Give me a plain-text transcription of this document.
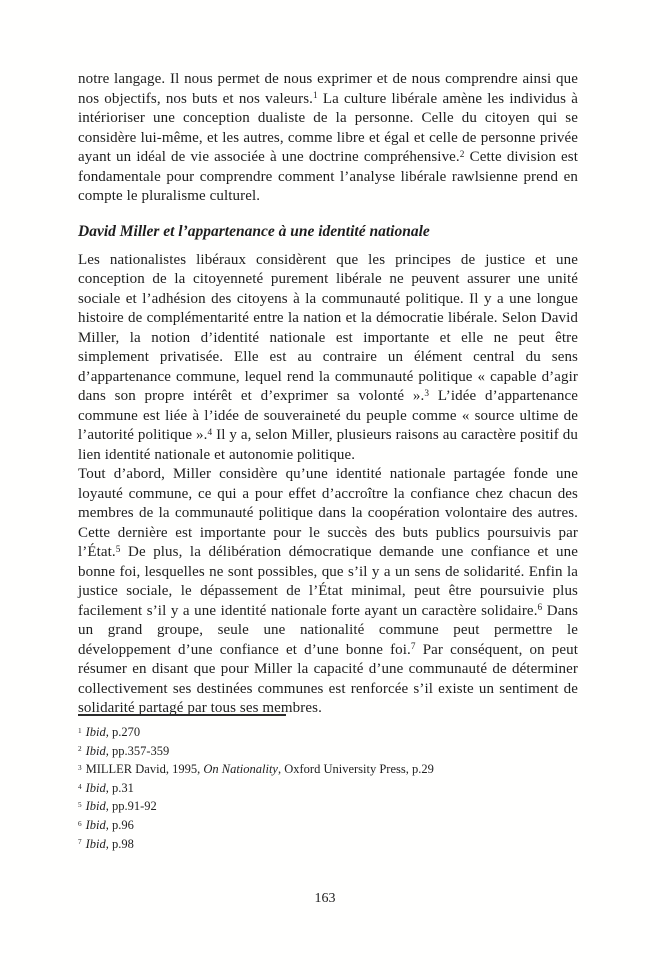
notre langage. Il nous permet de nous exprimer et de nous comprendre ainsi que nos objectifs, nos buts et nos valeurs.$^1$ La culture libérale amène les individus à intérioriser une conception dualiste de la personne. Celle du citoyen qui se considère lui-même, et les autres, comme libre et égal et celle de personne privée ayant un idéal de vie associée à une doctrine compréhensive.$^2$ Cette division est fondamentale pour comprendre comment l’analyse libérale rawlsienne prend en compte le pluralisme culturel.

David Miller et l’appartenance à une identité nationale

Les nationalistes libéraux considèrent que les principes de justice et une conception de la citoyenneté purement libérale ne peuvent assurer une unité sociale et l’adhésion des citoyens à la communauté politique. Il y a une longue histoire de complémentarité entre la nation et la démocratie libérale. Selon David Miller, la notion d’identité nationale est importante et elle ne peut être simplement privatisée. Elle est au contraire un élément central du sens d’appartenance commune, lequel rend la communauté politique « capable d’agir dans son propre intérêt et d’exprimer sa volonté ».$^3$ L’idée d’appartenance commune est liée à l’idée de souveraineté du peuple comme « source ultime de l’autorité politique ».$^4$ Il y a, selon Miller, plusieurs raisons au caractère positif du lien identité nationale et autonomie politique.

Tout d’abord, Miller considère qu’une identité nationale partagée fonde une loyauté commune, ce qui a pour effet d’accroître la confiance chez chacun des membres de la communauté politique dans la coopération volontaire des autres. Cette dernière est importante pour le succès des buts publics poursuivis par l’État.$^5$ De plus, la délibération démocratique demande une confiance et une bonne foi, lesquelles ne sont possibles, que s’il y a un sens de solidarité. Enfin la justice sociale, le dépassement de l’État minimal, peut être poursuivie plus facilement s’il y a une identité nationale forte ayant un caractère solidaire.$^6$ Dans un grand groupe, seule une nationalité commune peut permettre le développement d’une confiance et d’une bonne foi.$^7$ Par conséquent, on peut résumer en disant que pour Miller la capacité d’une communauté de déterminer collectivement ses destinées communes est renforcée s’il existe un sentiment de solidarité partagé par tous ses membres.

$^1$ Ibid, p.270
$^2$ Ibid, pp.357-359
$^3$ MILLER David, 1995, On Nationality, Oxford University Press, p.29
$^4$ Ibid, p.31
$^5$ Ibid, pp.91-92
$^6$ Ibid, p.96
$^7$ Ibid, p.98
163
